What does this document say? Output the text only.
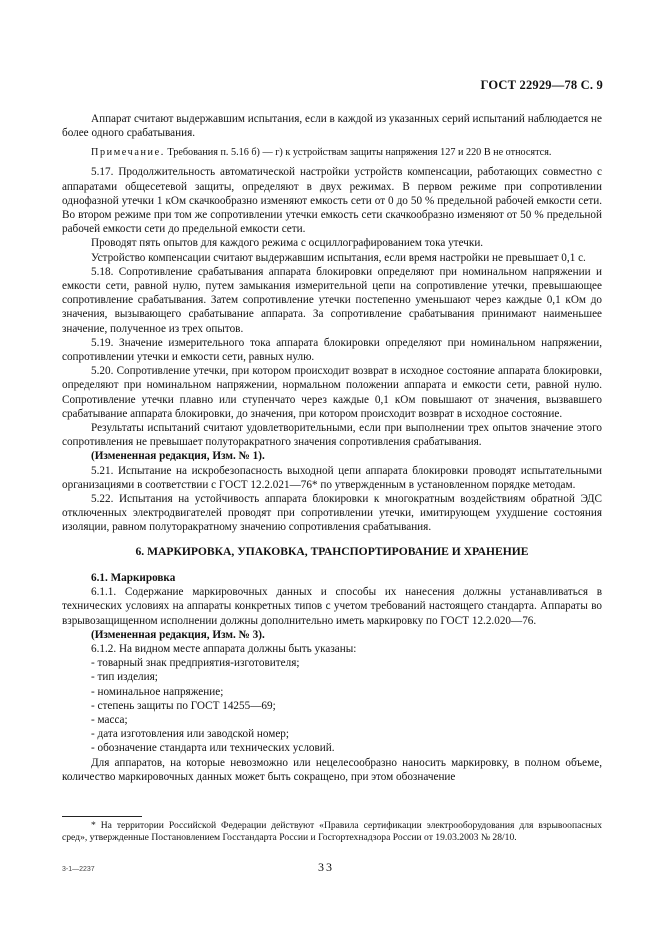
ГОСТ 22929—78 С. 9

Аппарат считают выдержавшим испытания, если в каждой из указанных серий испытаний наблюдается не более одного срабатывания.

Примечание. Требования п. 5.16 б) — г) к устройствам защиты напряжения 127 и 220 В не относятся.

5.17. Продолжительность автоматической настройки устройств компенсации, работающих совместно с аппаратами общесетевой защиты, определяют в двух режимах. В первом режиме при сопротивлении однофазной утечки 1 кОм скачкообразно изменяют емкость сети от 0 до 50 % предельной рабочей емкости сети. Во втором режиме при том же сопротивлении утечки емкость сети скачкообразно изменяют от 50 % предельной рабочей емкости сети до предельной емкости сети.

Проводят пять опытов для каждого режима с осциллографированием тока утечки.

Устройство компенсации считают выдержавшим испытания, если время настройки не превышает 0,1 с.

5.18. Сопротивление срабатывания аппарата блокировки определяют при номинальном напряжении и емкости сети, равной нулю, путем замыкания измерительной цепи на сопротивление утечки, превышающее сопротивление срабатывания. Затем сопротивление утечки постепенно уменьшают через каждые 0,1 кОм до значения, вызывающего срабатывание аппарата. За сопротивление срабатывания принимают наименьшее значение, полученное из трех опытов.

5.19. Значение измерительного тока аппарата блокировки определяют при номинальном напряжении, сопротивлении утечки и емкости сети, равных нулю.

5.20. Сопротивление утечки, при котором происходит возврат в исходное состояние аппарата блокировки, определяют при номинальном напряжении, нормальном положении аппарата и емкости сети, равной нулю. Сопротивление утечки плавно или ступенчато через каждые 0,1 кОм повышают от значения, вызвавшего срабатывание аппарата блокировки, до значения, при котором происходит возврат в исходное состояние.

Результаты испытаний считают удовлетворительными, если при выполнении трех опытов значение этого сопротивления не превышает полуторакратного значения сопротивления срабатывания.

(Измененная редакция, Изм. № 1).

5.21. Испытание на искробезопасность выходной цепи аппарата блокировки проводят испытательными организациями в соответствии с ГОСТ 12.2.021—76* по утвержденным в установленном порядке методам.

5.22. Испытания на устойчивость аппарата блокировки к многократным воздействиям обратной ЭДС отключенных электродвигателей проводят при сопротивлении утечки, имитирующем ухудшение состояния изоляции, равном полуторакратному значению сопротивления срабатывания.

6. МАРКИРОВКА, УПАКОВКА, ТРАНСПОРТИРОВАНИЕ И ХРАНЕНИЕ

6.1. Маркировка

6.1.1. Содержание маркировочных данных и способы их нанесения должны устанавливаться в технических условиях на аппараты конкретных типов с учетом требований настоящего стандарта. Аппараты во взрывозащищенном исполнении должны дополнительно иметь маркировку по ГОСТ 12.2.020—76.

(Измененная редакция, Изм. № 3).

6.1.2. На видном месте аппарата должны быть указаны:

- товарный знак предприятия-изготовителя;

- тип изделия;

- номинальное напряжение;

- степень защиты по ГОСТ 14255—69;

- масса;

- дата изготовления или заводской номер;

- обозначение стандарта или технических условий.

Для аппаратов, на которые невозможно или нецелесообразно наносить маркировку, в полном объеме, количество маркировочных данных может быть сокращено, при этом обозначение

* На территории Российской Федерации действуют «Правила сертификации электрооборудования для взрывоопасных сред», утвержденные Постановлением Госстандарта России и Госгортехнадзора России от 19.03.2003 № 28/10.

3-1—2237	33
